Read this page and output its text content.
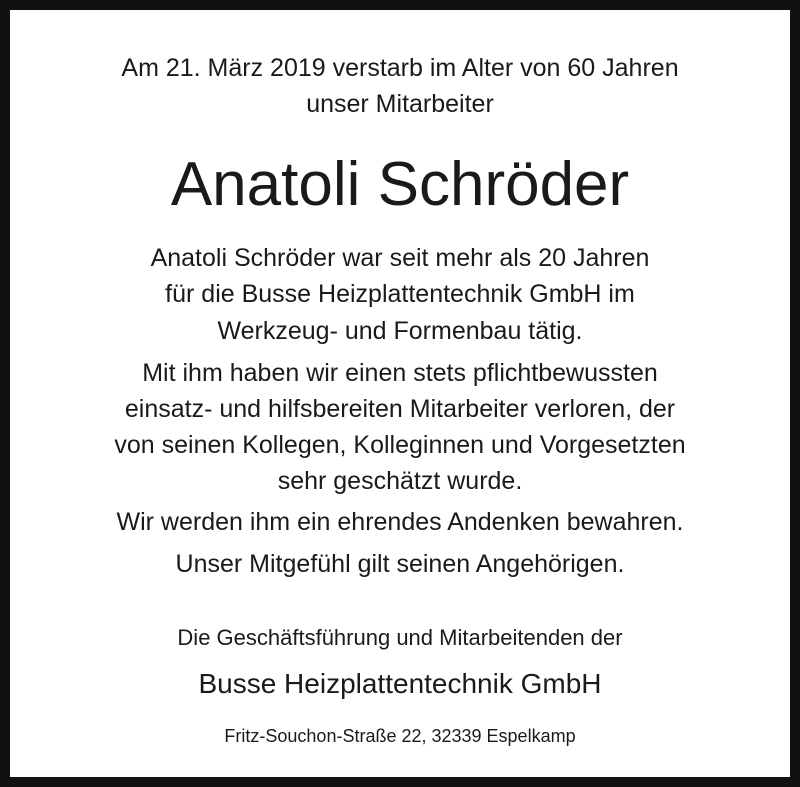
Am 21. März 2019 verstarb im Alter von 60 Jahren
unser Mitarbeiter
Anatoli Schröder
Anatoli Schröder war seit mehr als 20 Jahren
für die Busse Heizplattentechnik GmbH im
Werkzeug- und Formenbau tätig.
Mit ihm haben wir einen stets pflichtbewussten
einsatz- und hilfsbereiten Mitarbeiter verloren, der
von seinen Kollegen, Kolleginnen und Vorgesetzten
sehr geschätzt wurde.
Wir werden ihm ein ehrendes Andenken bewahren.
Unser Mitgefühl gilt seinen Angehörigen.
Die Geschäftsführung und Mitarbeitenden der
Busse Heizplattentechnik GmbH
Fritz-Souchon-Straße 22, 32339 Espelkamp
